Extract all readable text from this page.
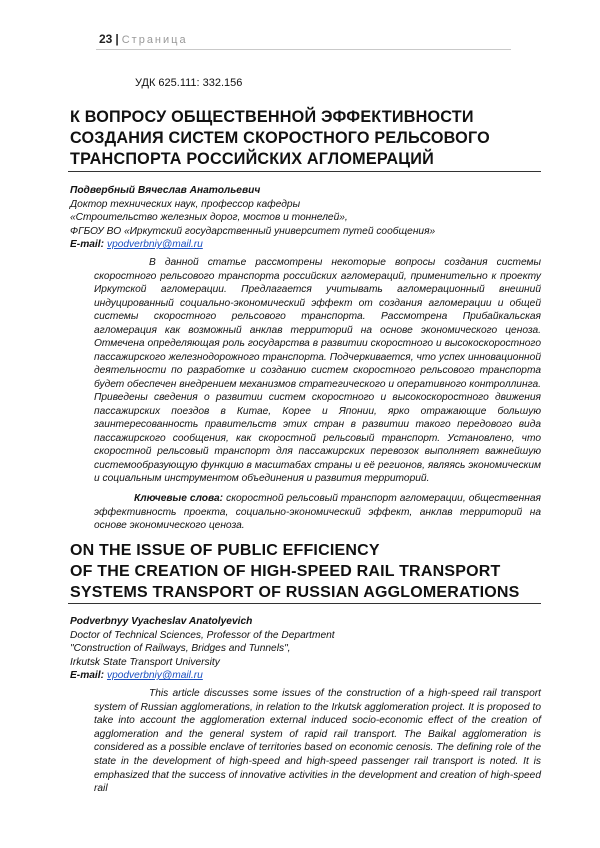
23 | Страница
УДК 625.111: 332.156
К ВОПРОСУ ОБЩЕСТВЕННОЙ ЭФФЕКТИВНОСТИ
СОЗДАНИЯ СИСТЕМ СКОРОСТНОГО РЕЛЬСОВОГО
ТРАНСПОРТА РОССИЙСКИХ АГЛОМЕРАЦИЙ
Подвербный Вячеслав Анатольевич
Доктор технических наук, профессор кафедры
«Строительство железных дорог, мостов и тоннелей»,
ФГБОУ ВО «Иркутский государственный университет путей сообщения»
E-mail: vpodverbniy@mail.ru

В данной статье рассмотрены некоторые вопросы создания системы скоростного рельсового транспорта российских агломераций, применительно к проекту Иркутской агломерации. Предлагается учитывать агломерационный внешний индуцированный социально-экономический эффект от создания агломерации и общей системы скоростного рельсового транспорта. Рассмотрена Прибайкальская агломерация как возможный анклав территорий на основе экономического ценоза. Отмечена определяющая роль государства в развитии скоростного и высокоскоростного пассажирского железнодорожного транспорта. Подчеркивается, что успех инновационной деятельности по разработке и созданию систем скоростного рельсового транспорта будет обеспечен внедрением механизмов стратегического и оперативного контроллинга. Приведены сведения о развитии систем скоростного и высокоскоростного движения пассажирских поездов в Китае, Корее и Японии, ярко отражающие большую заинтересованность правительств этих стран в развитии такого передового вида пассажирского сообщения, как скоростной рельсовый транспорт. Установлено, что скоростной рельсовый транспорт для пассажирских перевозок выполняет важнейшую системообразующую функцию в масштабах страны и её регионов, являясь экономическим и социальным инструментом объединения и развития территорий.

Ключевые слова: скоростной рельсовый транспорт агломерации, общественная эффективность проекта, социально-экономический эффект, анклав территорий на основе экономического ценоза.

ON THE ISSUE OF PUBLIC EFFICIENCY
OF THE CREATION OF HIGH-SPEED RAIL TRANSPORT
SYSTEMS TRANSPORT OF RUSSIAN AGGLOMERATIONS
Podverbnyy Vyacheslav Anatolyevich
Doctor of Technical Sciences, Professor of the Department
"Construction of Railways, Bridges and Tunnels",
Irkutsk State Transport University
E-mail: vpodverbniy@mail.ru

This article discusses some issues of the construction of a high-speed rail transport system of Russian agglomerations, in relation to the Irkutsk agglomeration project. It is proposed to take into account the agglomeration external induced socio-economic effect of the creation of agglomeration and the general system of rapid rail transport. The Baikal agglomeration is considered as a possible enclave of territories based on economic cenosis. The defining role of the state in the development of high-speed and high-speed passenger rail transport is noted. It is emphasized that the success of innovative activities in the development and creation of high-speed rail
